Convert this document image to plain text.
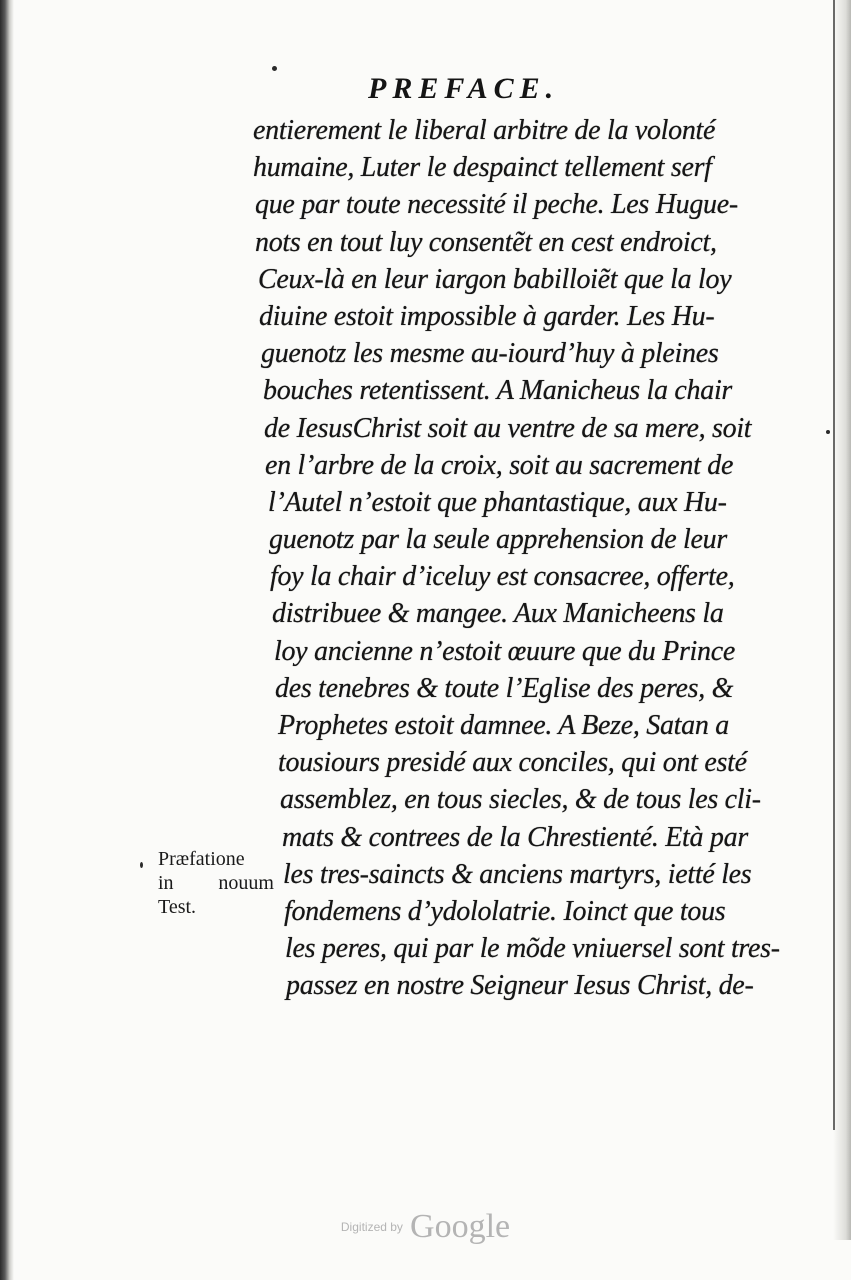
PREFACE.
entierement le liberal arbitre de la volonté
humaine, Luter le despainct tellement serf
que par toute necessité il peche. Les Hugue-
nots en tout luy consentẽt en cest endroict,
Ceux-là en leur iargon babilloiẽt que la loy
diuine estoit impossible à garder. Les Hu-
guenotz les mesme au-iourd’huy à pleines
bouches retentissent. A Manicheus la chair
de IesusChrist soit au ventre de sa mere, soit
en l’arbre de la croix, soit au sacrement de
l’Autel n’estoit que phantastique, aux Hu-
guenotz par la seule apprehension de leur
foy la chair d’iceluy est consacree, offerte,
distribuee & mangee. Aux Manicheens la
loy ancienne n’estoit œuure que du Prince
des tenebres & toute l’Eglise des peres, &
Prophetes estoit damnee. A Beze, Satan a
tousiours presidé aux conciles, qui ont esté
assemblez, en tous siecles, & de tous les cli-
mats & contrees de la Chrestienté. Età par
les tres-saincts & anciens martyrs, ietté les
fondemens d’ydololatrie. Ioinct que tous
les peres, qui par le mõde vniuersel sont tres-
passez en nostre Seigneur Iesus Christ, de-
Præfatione
in nouum
Test.
Digitized by Google
